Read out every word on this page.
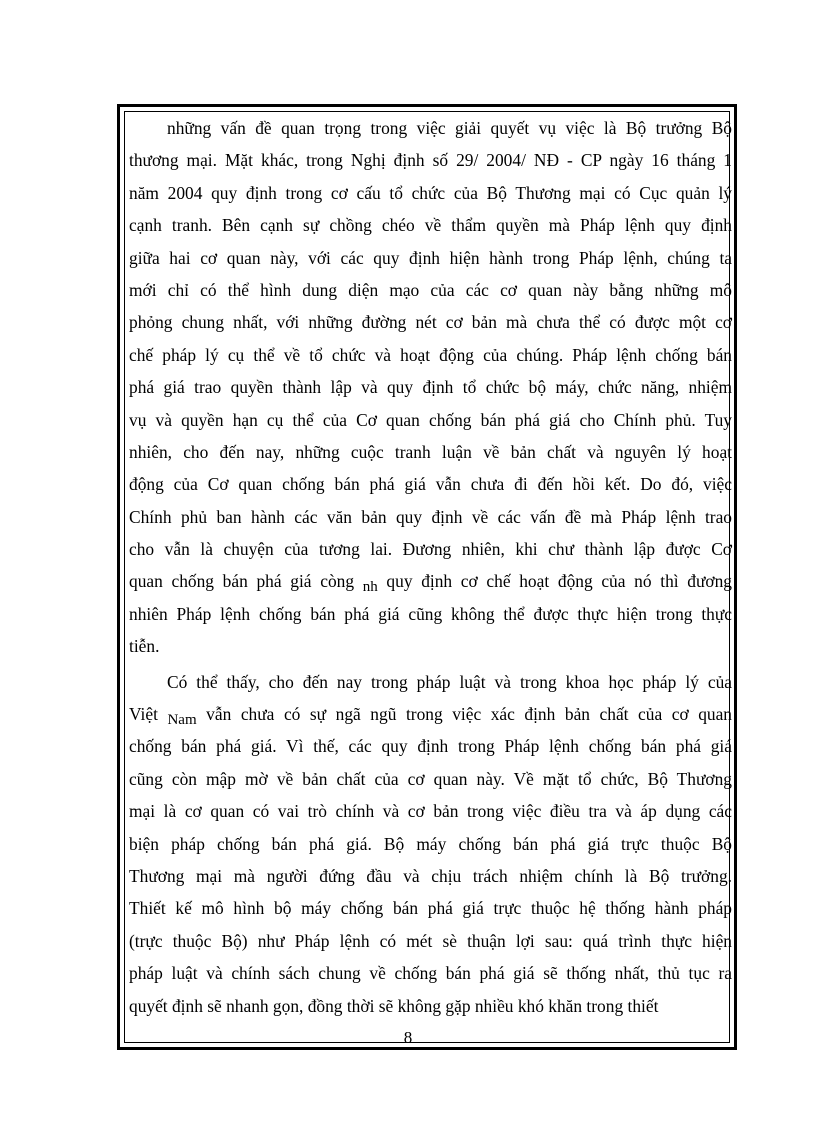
những vấn đề quan trọng trong việc giải quyết vụ việc là Bộ trưởng Bộ
thương mại. Mặt khác, trong Nghị định số 29/ 2004/ NĐ - CP ngày 16 tháng 1
năm 2004 quy định trong cơ cấu tổ chức của Bộ Thương mại có Cục quản lý
cạnh tranh. Bên cạnh sự chồng chéo về thẩm quyền mà Pháp lệnh quy định
giữa hai cơ quan này, với các quy định hiện hành trong Pháp lệnh, chúng ta
mới chỉ có thể hình dung diện mạo của các cơ quan này bằng những mô
phỏng chung nhất, với những đường nét cơ bản mà chưa thể có được một cơ
chế pháp lý cụ thể về tổ chức và hoạt động của chúng. Pháp lệnh chống bán
phá giá trao quyền thành lập và quy định tổ chức bộ máy, chức năng, nhiệm
vụ và quyền hạn cụ thể của Cơ quan chống bán phá giá cho Chính phủ. Tuy
nhiên, cho đến nay, những cuộc tranh luận về bản chất và nguyên lý hoạt
động của Cơ quan chống bán phá giá vẫn chưa đi đến hồi kết. Do đó, việc
Chính phủ ban hành các văn bản quy định về các vấn đề mà Pháp lệnh trao
cho vẫn là chuyện của tương lai. Đương nhiên, khi chư thành lập được Cơ
quan chống bán phá giá còng nh quy định cơ chế hoạt động của nó thì đương
nhiên Pháp lệnh chống bán phá giá cũng không thể được thực hiện trong thực
tiễn.
Có thể thấy, cho đến nay trong pháp luật và trong khoa học pháp lý của
Việt Nam vẫn chưa có sự ngã ngũ trong việc xác định bản chất của cơ quan
chống bán phá giá. Vì thế, các quy định trong Pháp lệnh chống bán phá giá
cũng còn mập mờ về bản chất của cơ quan này. Về mặt tổ chức, Bộ Thương
mại là cơ quan có vai trò chính và cơ bản trong việc điều tra và áp dụng các
biện pháp chống bán phá giá. Bộ máy chống bán phá giá trực thuộc Bộ
Thương mại mà người đứng đầu và chịu trách nhiệm chính là Bộ trưởng.
Thiết kế mô hình bộ máy chống bán phá giá trực thuộc hệ thống hành pháp
(trực thuộc Bộ) như Pháp lệnh có mét sè thuận lợi sau: quá trình thực hiện
pháp luật và chính sách chung về chống bán phá giá sẽ thống nhất, thủ tục ra
quyết định sẽ nhanh gọn, đồng thời sẽ không gặp nhiều khó khăn trong thiết
8
